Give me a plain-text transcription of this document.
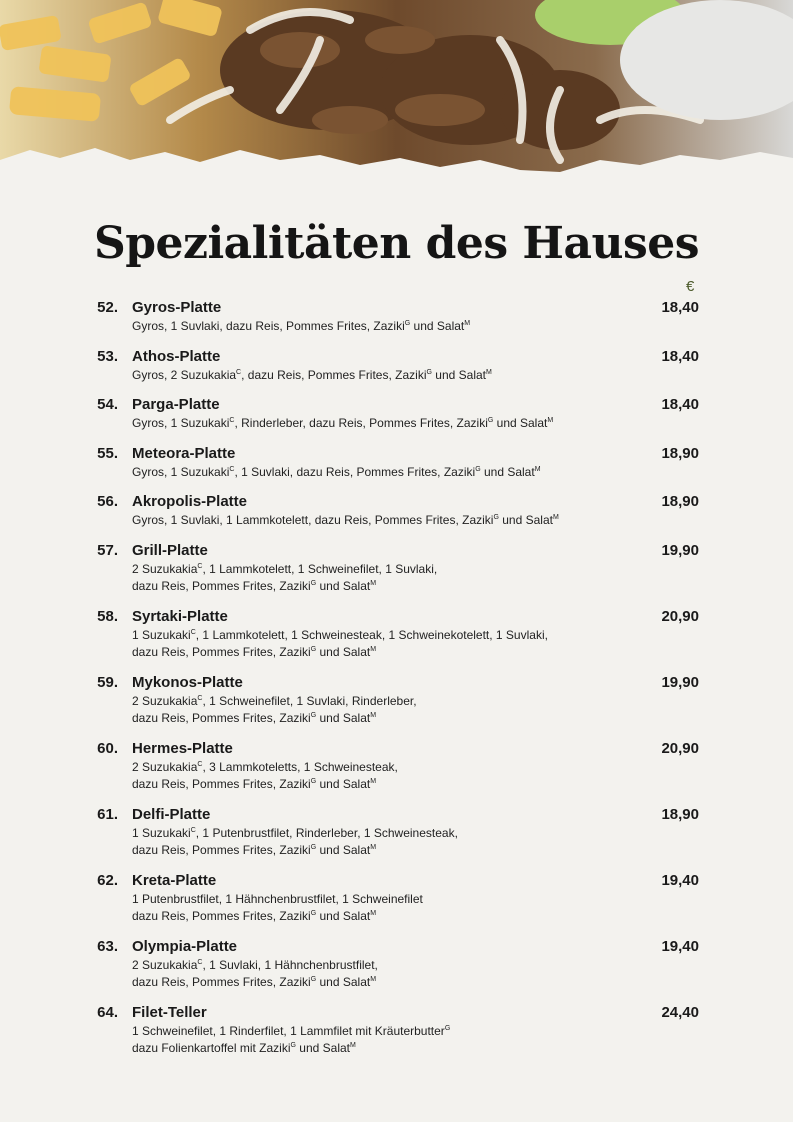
Spezialitäten des Hauses
€
52. Gyros-Platte	18,40
Gyros, 1 Suvlaki, dazu Reis, Pommes Frites, Zaziki$^G$ und Salat$^M$
53. Athos-Platte	18,40
Gyros, 2 Suzukakia$^C$, dazu Reis, Pommes Frites, Zaziki$^G$ und Salat$^M$
54. Parga-Platte	18,40
Gyros, 1 Suzukaki$^C$, Rinderleber, dazu Reis, Pommes Frites, Zaziki$^G$ und Salat$^M$
55. Meteora-Platte	18,90
Gyros, 1 Suzukaki$^C$, 1 Suvlaki, dazu Reis, Pommes Frites, Zaziki$^G$ und Salat$^M$
56. Akropolis-Platte	18,90
Gyros, 1 Suvlaki, 1 Lammkotelett, dazu Reis, Pommes Frites, Zaziki$^G$ und Salat$^M$
57. Grill-Platte	19,90
2 Suzukakia$^C$, 1 Lammkotelett, 1 Schweinefilet, 1 Suvlaki,
dazu Reis, Pommes Frites, Zaziki$^G$ und Salat$^M$
58. Syrtaki-Platte	20,90
1 Suzukaki$^C$, 1 Lammkotelett, 1 Schweinesteak, 1 Schweinekotelett, 1 Suvlaki,
dazu Reis, Pommes Frites, Zaziki$^G$ und Salat$^M$
59. Mykonos-Platte	19,90
2 Suzukakia$^C$, 1 Schweinefilet, 1 Suvlaki, Rinderleber,
dazu Reis, Pommes Frites, Zaziki$^G$ und Salat$^M$
60. Hermes-Platte	20,90
2 Suzukakia$^C$, 3 Lammkoteletts, 1 Schweinesteak,
dazu Reis, Pommes Frites, Zaziki$^G$ und Salat$^M$
61. Delfi-Platte	18,90
1 Suzukaki$^C$, 1 Putenbrustfilet, Rinderleber, 1 Schweinesteak,
dazu Reis, Pommes Frites, Zaziki$^G$ und Salat$^M$
62. Kreta-Platte	19,40
1 Putenbrustfilet, 1 Hähnchenbrustfilet, 1 Schweinefilet
dazu Reis, Pommes Frites, Zaziki$^G$ und Salat$^M$
63. Olympia-Platte	19,40
2 Suzukakia$^C$, 1 Suvlaki, 1 Hähnchenbrustfilet,
dazu Reis, Pommes Frites, Zaziki$^G$ und Salat$^M$
64. Filet-Teller	24,40
1 Schweinefilet, 1 Rinderfilet, 1 Lammfilet mit Kräuterbutter$^G$
dazu Folienkartoffel mit Zaziki$^G$ und Salat$^M$
